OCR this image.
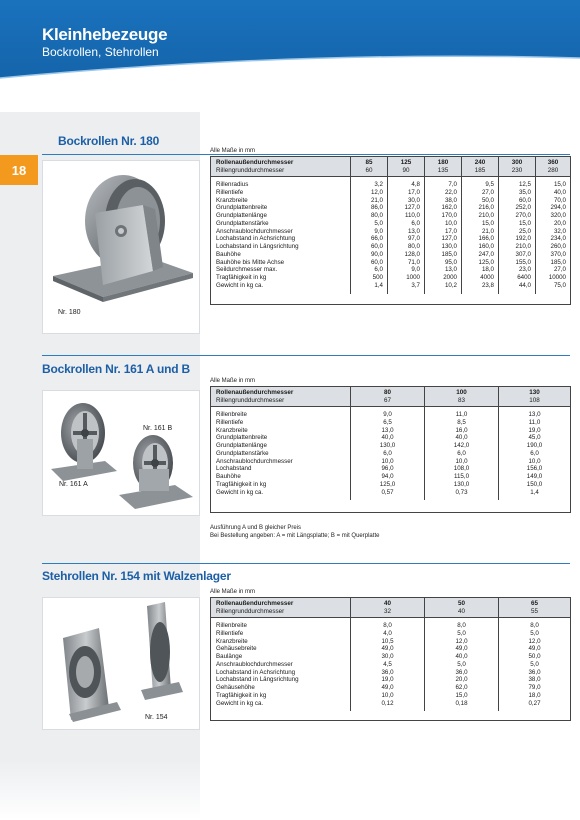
Kleinhebezeuge
Bockrollen, Stehrollen
18
Bockrollen Nr. 180
Nr. 180
Alle Maße in mm
Rollenaußendurchmesser
Rillengrunddurchmesser
85
60
125
90
180
135
240
185
300
230
360
280
Rillenradius
Rillentiefe
Kranzbreite
Grundplattenbreite
Grundplattenlänge
Grundplattenstärke
Anschraublochdurchmesser
Lochabstand in Achsrichtung
Lochabstand in Längsrichtung
Bauhöhe
Bauhöhe bis Mitte Achse
Seildurchmesser max.
Tragfähigkeit in kg
Gewicht in kg ca.
3,2
12,0
21,0
86,0
80,0
5,0
9,0
66,0
60,0
90,0
60,0
6,0
500
1,4
4,8
17,0
30,0
127,0
110,0
6,0
13,0
97,0
80,0
128,0
71,0
9,0
1000
3,7
7,0
22,0
38,0
162,0
170,0
10,0
17,0
127,0
130,0
185,0
95,0
13,0
2000
10,2
9,5
27,0
50,0
216,0
210,0
15,0
21,0
166,0
160,0
247,0
125,0
18,0
4000
23,8
12,5
35,0
60,0
252,0
270,0
15,0
25,0
192,0
210,0
307,0
155,0
23,0
6400
44,0
15,0
40,0
70,0
294,0
320,0
20,0
32,0
234,0
260,0
370,0
185,0
27,0
10000
75,0
Bockrollen Nr. 161 A und B
Nr. 161 B
Nr. 161 A
Alle Maße in mm
Rollenaußendurchmesser
Rillengrunddurchmesser
80
67
100
83
130
108
Rillenbreite
Rillentiefe
Kranzbreite
Grundplattenbreite
Grundplattenlänge
Grundplattenstärke
Anschraublochdurchmesser
Lochabstand
Bauhöhe
Tragfähigkeit in kg
Gewicht in kg ca.
9,0
6,5
13,0
40,0
130,0
6,0
10,0
96,0
94,0
125,0
0,57
11,0
8,5
16,0
40,0
142,0
6,0
10,0
108,0
115,0
130,0
0,73
13,0
11,0
19,0
45,0
190,0
6,0
10,0
156,0
149,0
150,0
1,4
Ausführung A und B gleicher Preis
Bei Bestellung angeben: A = mit Längsplatte; B = mit Querplatte
Stehrollen Nr. 154 mit Walzenlager
Nr. 154
Alle Maße in mm
Rollenaußendurchmesser
Rillengrunddurchmesser
40
32
50
40
65
55
Rillenbreite
Rillentiefe
Kranzbreite
Gehäusebreite
Baulänge
Anschraublochdurchmesser
Lochabstand in Achsrichtung
Lochabstand in Längsrichtung
Gehäusehöhe
Tragfähigkeit in kg
Gewicht in kg ca.
8,0
4,0
10,5
49,0
30,0
4,5
36,0
19,0
49,0
10,0
0,12
8,0
5,0
12,0
49,0
40,0
5,0
36,0
20,0
62,0
15,0
0,18
8,0
5,0
12,0
49,0
50,0
5,0
36,0
38,0
79,0
18,0
0,27
